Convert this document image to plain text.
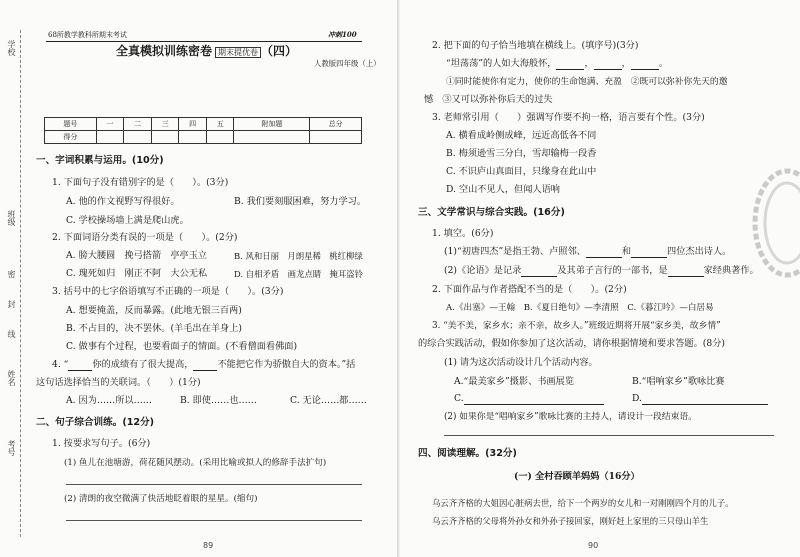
学校
班级
密
封
线
姓名
考号
68所教学教科所期末考试	冲刺100
全真模拟训练密卷 期末提优卷 （四）
人教版四年级（上）
题号	一	二	三	四	五	附加题	总分
得分							
一、字词积累与运用。(10分)
1. 下面句子没有错别字的是（　　）。(3分)
A. 他的作文视野写得很好。	B. 我们要刻服困难，努力学习。
C. 学校操场墙上满是爬山虎。
2. 下面词语分类有误的一项是（　　）。(2分)
A. 膀大腰圆　挽弓搭箭　亭亭玉立	B. 风和日丽　月朗星稀　桃红柳绿
C. 瑰死如归　刚正不阿　大公无私	D. 自相矛盾　画龙点睛　掩耳盗铃
3. 括号中的七字俗语填写不正确的一项是（　　）。(3分)
A. 想要掩盖，反而暴露。(此地无银三百两)
B. 不占目的，决不罢休。(羊毛出在羊身上)
C. 做事有个过程，也要看面子的情面。(不看僧面看佛面)
4. “	你的成绩有了很大提高，	不能把它作为骄傲自大的资本。”括
这句话选择恰当的关联词。（　　）(1分)
A. 因为……所以……	B. 即使……也……	C. 无论……都……
二、句子综合训练。(12分)
1. 按要求写句子。(6分)
(1) 鱼儿在池塘游，荷花随风摆动。(采用比喻或拟人的修辞手法扩句)
(2) 清朗的夜空微满了快活地眨着眼的星星。(缩句)
89
2. 把下面的句子恰当地填在横线上。(填序号)(3分)
“坦荡荡”的人如大海般怀，	，	，	。
①同时能使你有定力，使你的生命饱满、充盈　②既可以弥补你先天的邀
憾　③又可以弥补你后天的过失
3. 老师常引用（　　）强调写作要不拘一格，语言要有个性。(3分)
A. 横看成岭侧成峰，远近高低各不同
B. 梅须逊雪三分白，雪却输梅一段香
C. 不识庐山真面目，只缘身在此山中
D. 空山不见人，但闻人语响
三、文学常识与综合实践。(16分)
1. 填空。(6分)
(1)“初唐四杰”是指王勃、卢照邻、	和	四位杰出诗人。
(2)《论语》是记录	及其弟子言行的一部书，是	家经典著作。
2. 下面作品与作者搭配不当的是（　　）。(2分)
A.《出塞》—王翰　B.《夏日绝句》—李清照　C.《暮江吟》—白居易
3. “美不美，家乡水；亲不亲，故乡人。”班级近期将开展“家乡美，故乡情”
的综合实践活动，假如你参加了这次活动，请你根据情境和要求答题。(8分)
(1) 请为这次活动设计几个活动内容。
A.“最美家乡”摄影、书画展览	B.“唱响家乡”歌咏比赛
C.	D.
(2) 如果你是“唱响家乡”歌咏比赛的主持人，请设计一段结束语。
四、阅读理解。(32分)
(一) 全村吞顾羊妈妈（16分）
乌云齐齐格的大姐因心脏病去世，给下一个两岁的女儿和一对刚刚四个月的儿子。
乌云齐齐格的父母将外孙女和外孙子接回家，刚好赶上家里的三只母山羊生
90
